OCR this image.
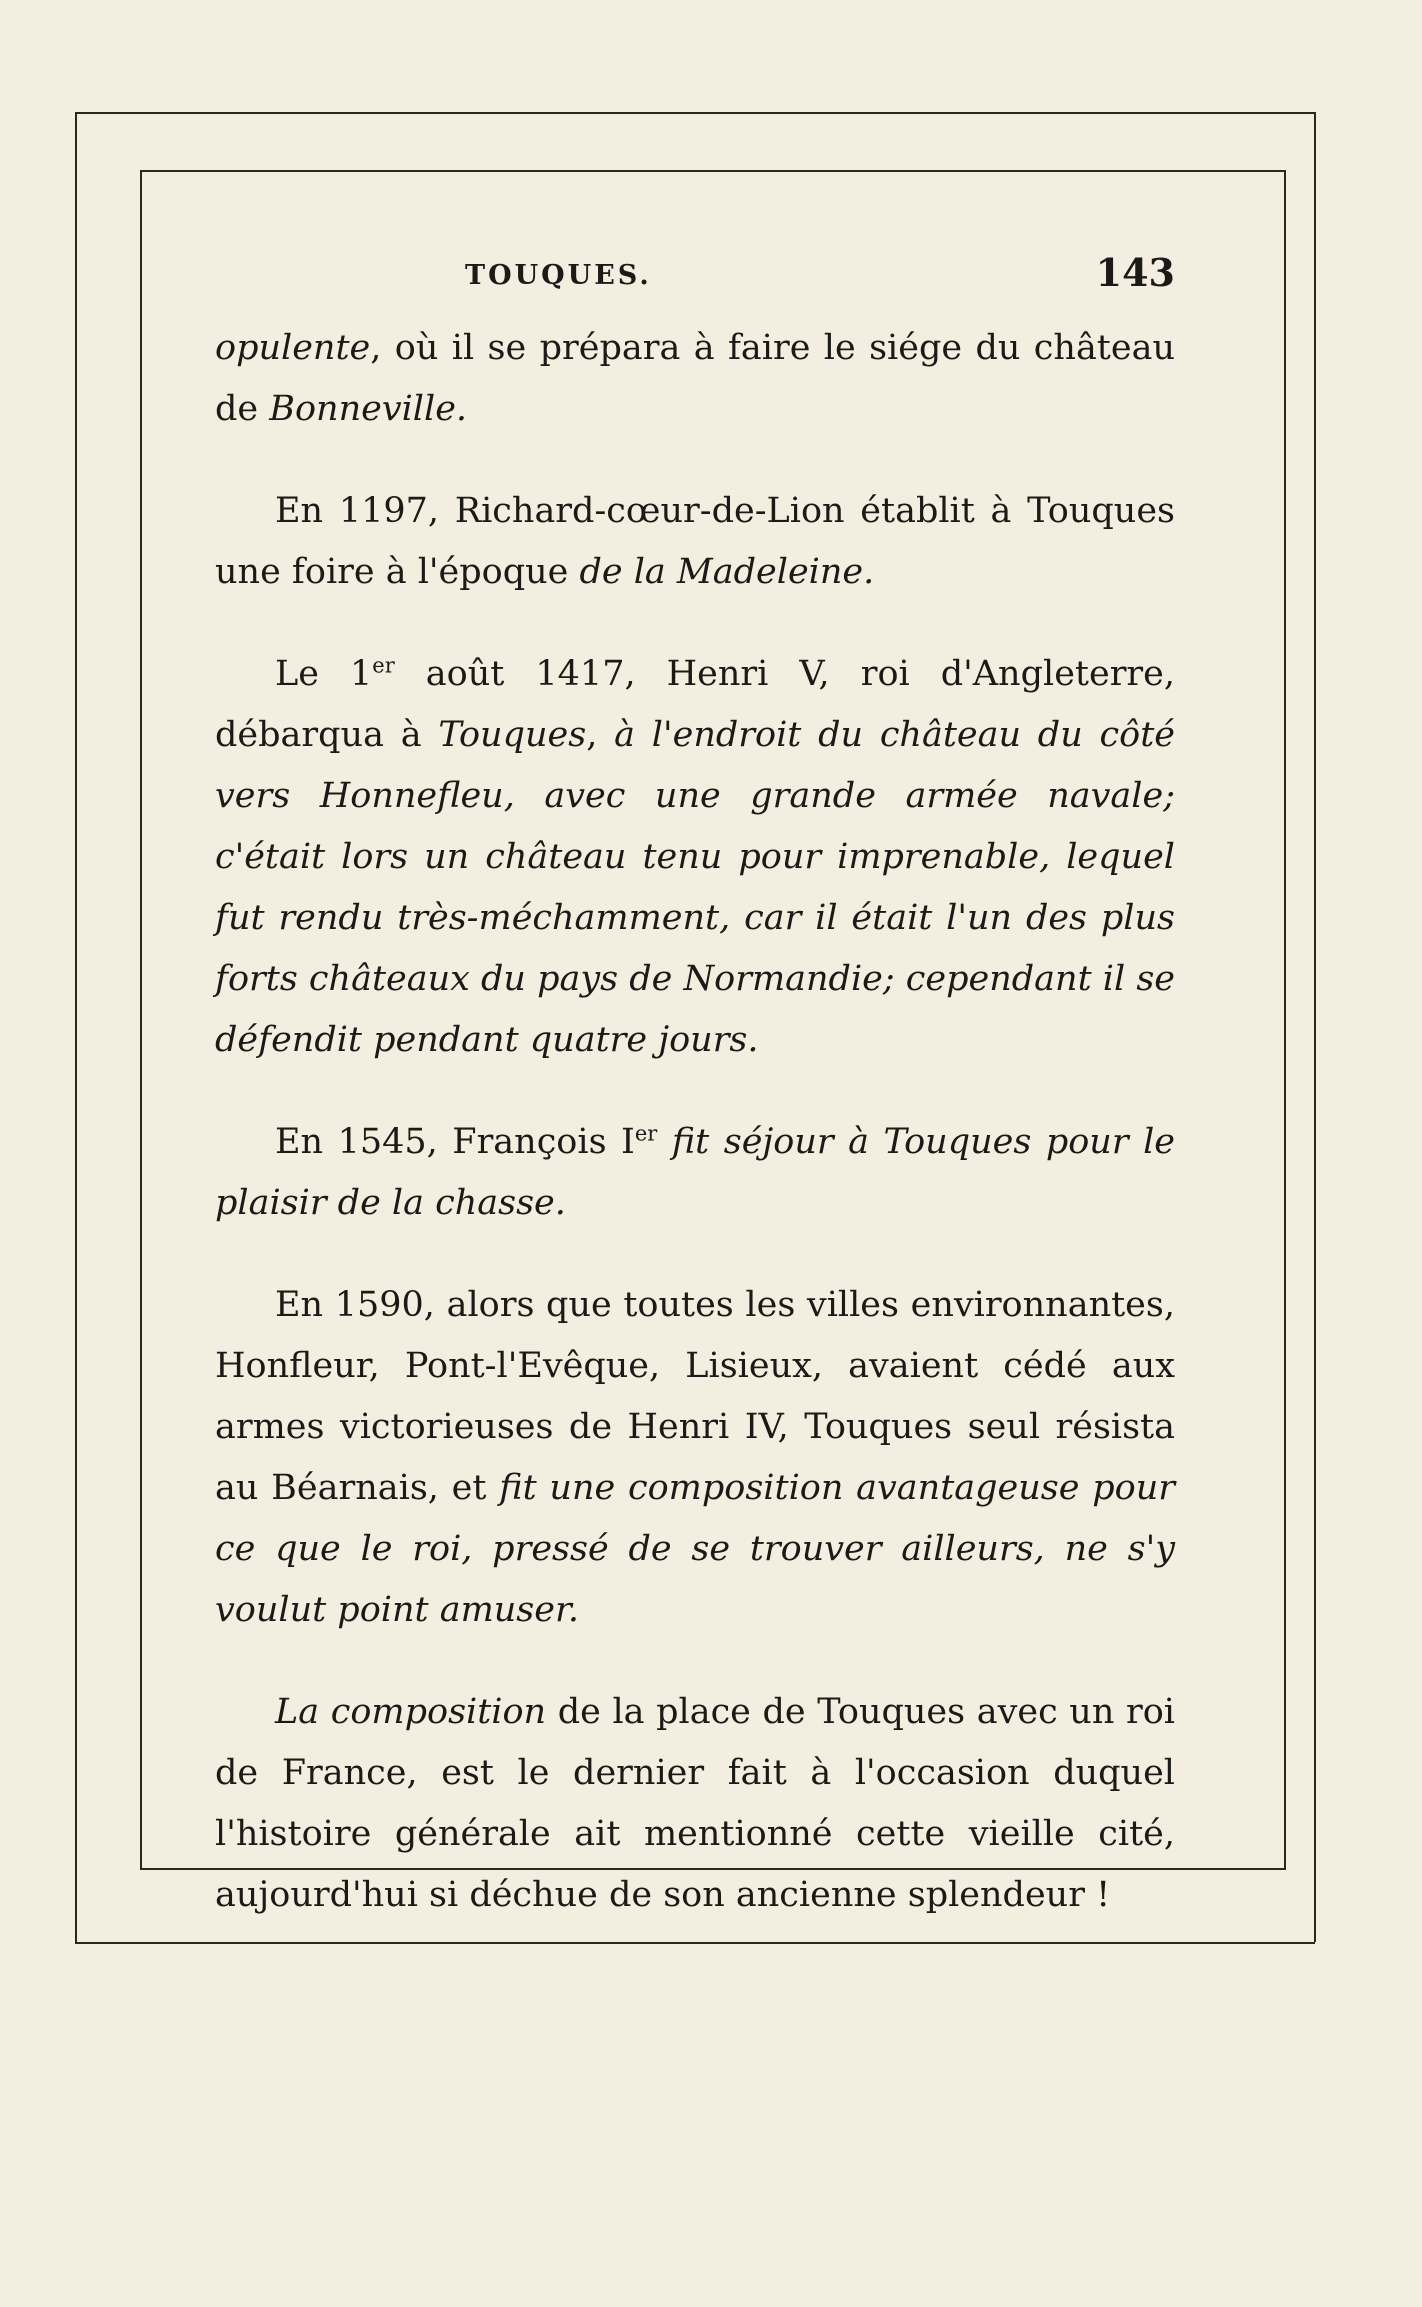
TOUQUES.	143

opulente, où il se prépara à faire le siége du château de Bonneville.

En 1197, Richard-cœur-de-Lion établit à Touques une foire à l'époque de la Madeleine.

Le 1er août 1417, Henri V, roi d'Angleterre, débarqua à Touques, à l'endroit du château du côté vers Honnefleu, avec une grande armée navale; c'était lors un château tenu pour imprenable, lequel fut rendu très-méchamment, car il était l'un des plus forts châteaux du pays de Normandie; cependant il se défendit pendant quatre jours.

En 1545, François Ier fit séjour à Touques pour le plaisir de la chasse.

En 1590, alors que toutes les villes environnantes, Honfleur, Pont-l'Evêque, Lisieux, avaient cédé aux armes victorieuses de Henri IV, Touques seul résista au Béarnais, et fit une composition avantageuse pour ce que le roi, pressé de se trouver ailleurs, ne s'y voulut point amuser.

La composition de la place de Touques avec un roi de France, est le dernier fait à l'occasion duquel l'histoire générale ait mentionné cette vieille cité, aujourd'hui si déchue de son ancienne splendeur !
